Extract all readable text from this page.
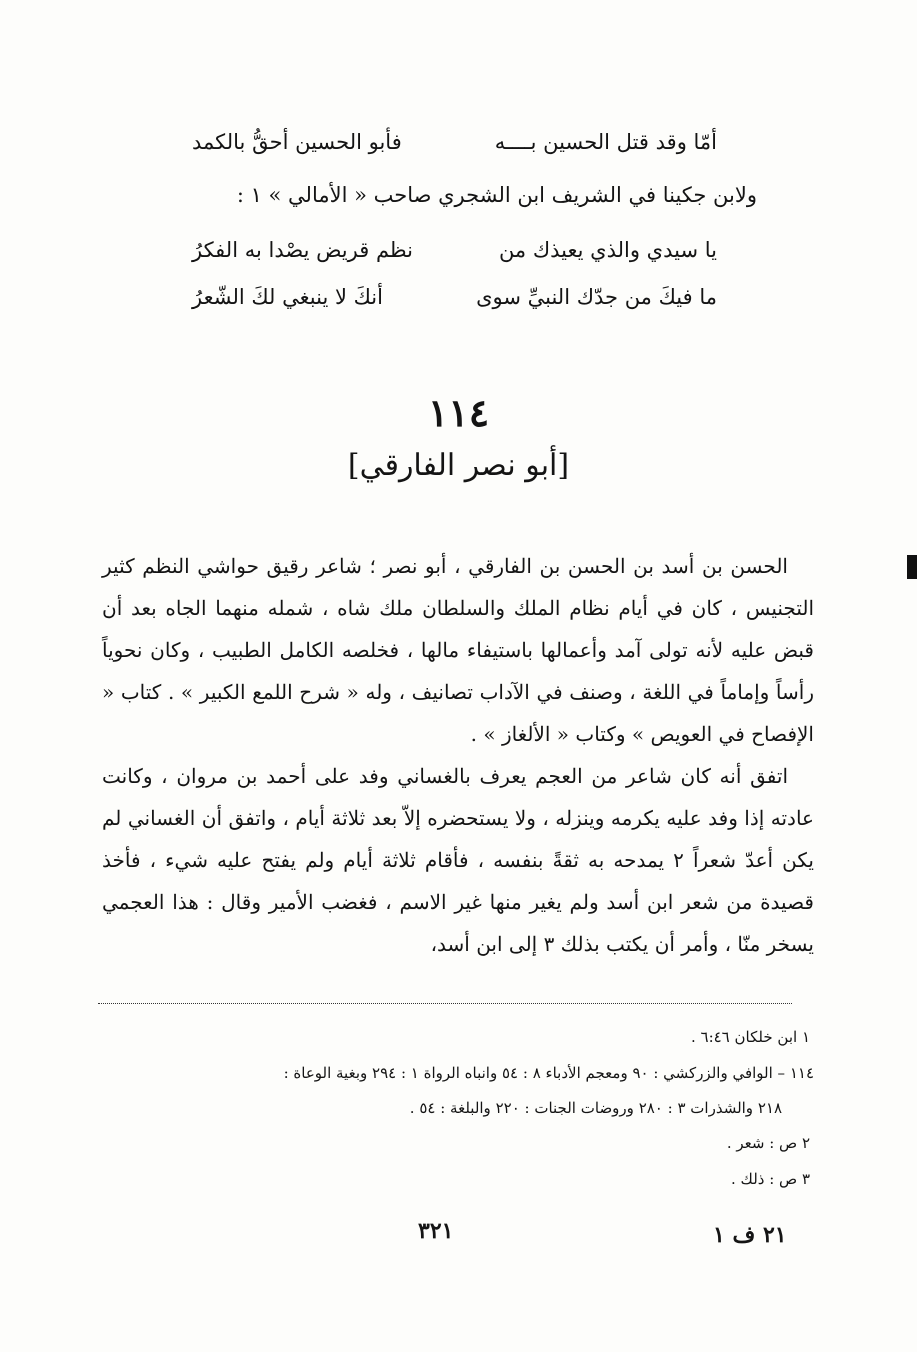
أمّا وقد قتل الحسين بــــه
فأبو الحسين أحقُّ بالكمد
ولابن جكينا في الشريف ابن الشجري صاحب « الأمالي » ١ :
يا سيدي والذي يعيذك من
نظم قريض يصْدا به الفكرُ
ما فيكَ من جدّك النبيِّ سوى
أنكَ لا ينبغي لكَ الشّعرُ
١١٤
[أبو نصر الفارقي]

الحسن بن أسد بن الحسن بن الفارقي ، أبو نصر ؛ شاعر رقيق حواشي النظم كثير التجنيس ، كان في أيام نظام الملك والسلطان ملك شاه ، شمله منهما الجاه بعد أن قبض عليه لأنه تولى آمد وأعمالها باستيفاء مالها ، فخلصه الكامل الطبيب ، وكان نحوياً رأساً وإماماً في اللغة ، وصنف في الآداب تصانيف ، وله « شرح اللمع الكبير » . كتاب « الإفصاح في العويص » وكتاب « الألغاز » .

اتفق أنه كان شاعر من العجم يعرف بالغساني وفد على أحمد بن مروان ، وكانت عادته إذا وفد عليه يكرمه وينزله ، ولا يستحضره إلاّ بعد ثلاثة أيام ، واتفق أن الغساني لم يكن أعدّ شعراً ٢ يمدحه به ثقةً بنفسه ، فأقام ثلاثة أيام ولم يفتح عليه شيء ، فأخذ قصيدة من شعر ابن أسد ولم يغير منها غير الاسم ، فغضب الأمير وقال : هذا العجمي يسخر منّا ، وأمر أن يكتب بذلك ٣ إلى ابن أسد،

١ ابن خلكان ٦:٤٦ .
١١٤ – الوافي والزركشي : ٩٠ ومعجم الأدباء ٨ : ٥٤ وانباه الرواة ١ : ٢٩٤ وبغية الوعاة :
٢١٨ والشذرات ٣ : ٢٨٠ وروضات الجنات : ٢٢٠ والبلغة : ٥٤ .
٢ ص : شعر .
٣ ص : ذلك .
٣٢١	٢١ ف ١
